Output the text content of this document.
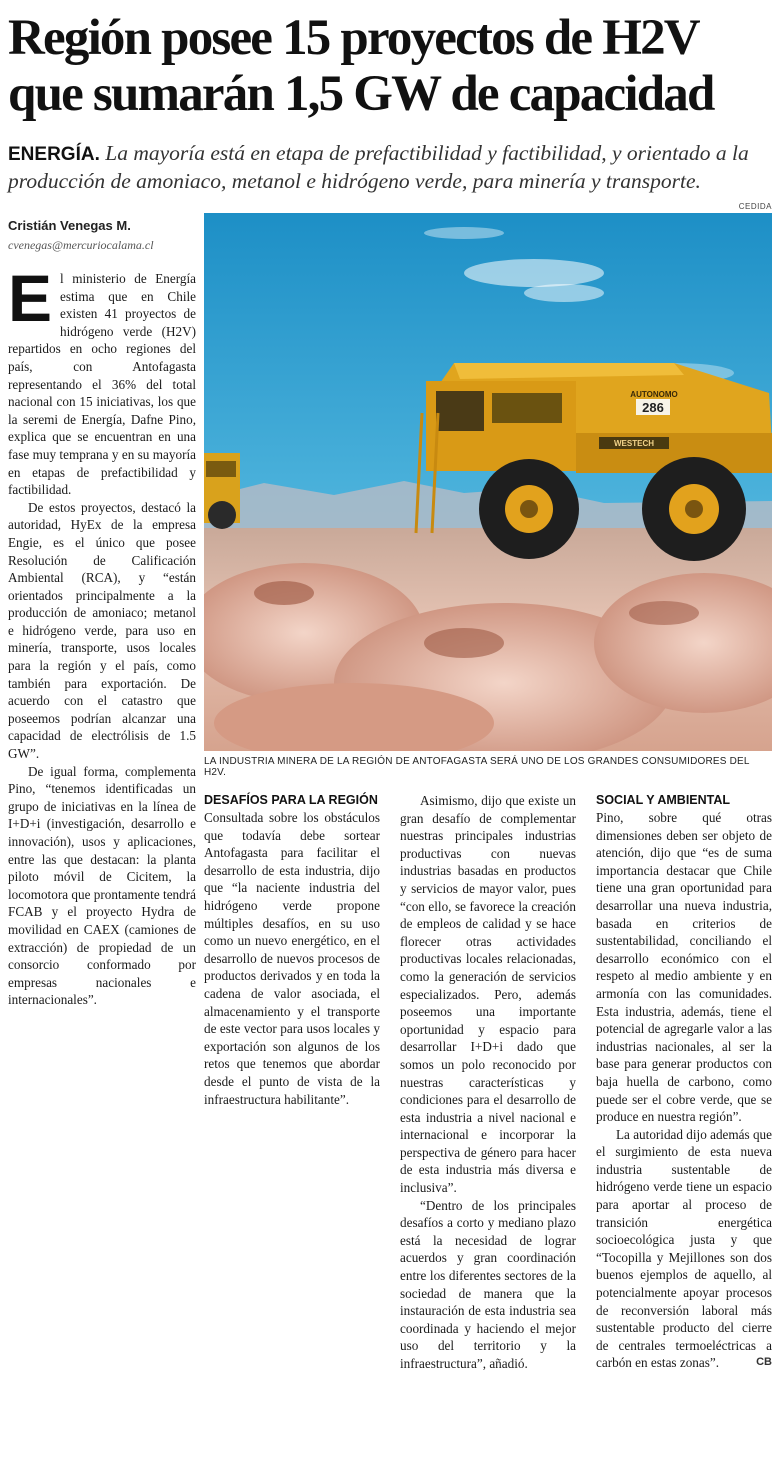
Región posee 15 proyectos de H2V
que sumarán 1,5 GW de capacidad

ENERGÍA. La mayoría está en etapa de prefactibilidad y factibilidad, y orientado a la producción de amoniaco, metanol e hidrógeno verde, para minería y transporte.

Cristián Venegas M.
cvenegas@mercuriocalama.cl
CEDIDA
WESTECH
AUTONOMO
286
LA INDUSTRIA MINERA DE LA REGIÓN DE ANTOFAGASTA SERÁ UNO DE LOS GRANDES CONSUMIDORES DEL H2V.

El ministerio de Energía estima que en Chile existen 41 proyectos de hidrógeno verde (H2V) repartidos en ocho regiones del país, con Antofagasta representando el 36% del total nacional con 15 iniciativas, los que la seremi de Energía, Dafne Pino, explica que se encuentran en una fase muy temprana y en su mayoría en etapas de prefactibilidad y factibilidad.

De estos proyectos, destacó la autoridad, HyEx de la empresa Engie, es el único que posee Resolución de Calificación Ambiental (RCA), y “están orientados principalmente a la producción de amoniaco; metanol e hidrógeno verde, para uso en minería, transporte, usos locales para la región y el país, como también para exportación. De acuerdo con el catastro que poseemos podrían alcanzar una capacidad de electrólisis de 1.5 GW”.

De igual forma, complementa Pino, “tenemos identificadas un grupo de iniciativas en la línea de I+D+i (investigación, desarrollo e innovación), usos y aplicaciones, entre las que destacan: la planta piloto móvil de Cicitem, la locomotora que prontamente tendrá FCAB y el proyecto Hydra de movilidad en CAEX (camiones de extracción) de propiedad de un consorcio conformado por empresas nacionales e internacionales”.

DESAFÍOS PARA LA REGIÓN

Consultada sobre los obstáculos que todavía debe sortear Antofagasta para facilitar el desarrollo de esta industria, dijo que “la naciente industria del hidrógeno verde propone múltiples desafíos, en su uso como un nuevo energético, en el desarrollo de nuevos procesos de productos derivados y en toda la cadena de valor asociada, el almacenamiento y el transporte de este vector para usos locales y exportación son algunos de los retos que tenemos que abordar desde el punto de vista de la infraestructura habilitante”.

Asimismo, dijo que existe un gran desafío de complementar nuestras principales industrias productivas con nuevas industrias basadas en productos y servicios de mayor valor, pues “con ello, se favorece la creación de empleos de calidad y se hace florecer otras actividades productivas locales relacionadas, como la generación de servicios especializados. Pero, además poseemos una importante oportunidad y espacio para desarrollar I+D+i dado que somos un polo reconocido por nuestras características y condiciones para el desarrollo de esta industria a nivel nacional e internacional e incorporar la perspectiva de género para hacer de esta industria más diversa e inclusiva”.

“Dentro de los principales desafíos a corto y mediano plazo está la necesidad de lograr acuerdos y gran coordinación entre los diferentes sectores de la sociedad de manera que la instauración de esta industria sea coordinada y haciendo el mejor uso del territorio y la infraestructura”, añadió.

SOCIAL Y AMBIENTAL

Pino, sobre qué otras dimensiones deben ser objeto de atención, dijo que “es de suma importancia destacar que Chile tiene una gran oportunidad para desarrollar una nueva industria, basada en criterios de sustentabilidad, conciliando el desarrollo económico con el respeto al medio ambiente y en armonía con las comunidades. Esta industria, además, tiene el potencial de agregarle valor a las industrias nacionales, al ser la base para generar productos con baja huella de carbono, como puede ser el cobre verde, que se produce en nuestra región”.

La autoridad dijo además que el surgimiento de esta nueva industria sustentable de hidrógeno verde tiene un espacio para aportar al proceso de transición energética socioecológica justa y que “Tocopilla y Mejillones son dos buenos ejemplos de aquello, al potencialmente apoyar procesos de reconversión laboral más sustentable producto del cierre de centrales termoeléctricas a carbón en estas zonas”.	CB
